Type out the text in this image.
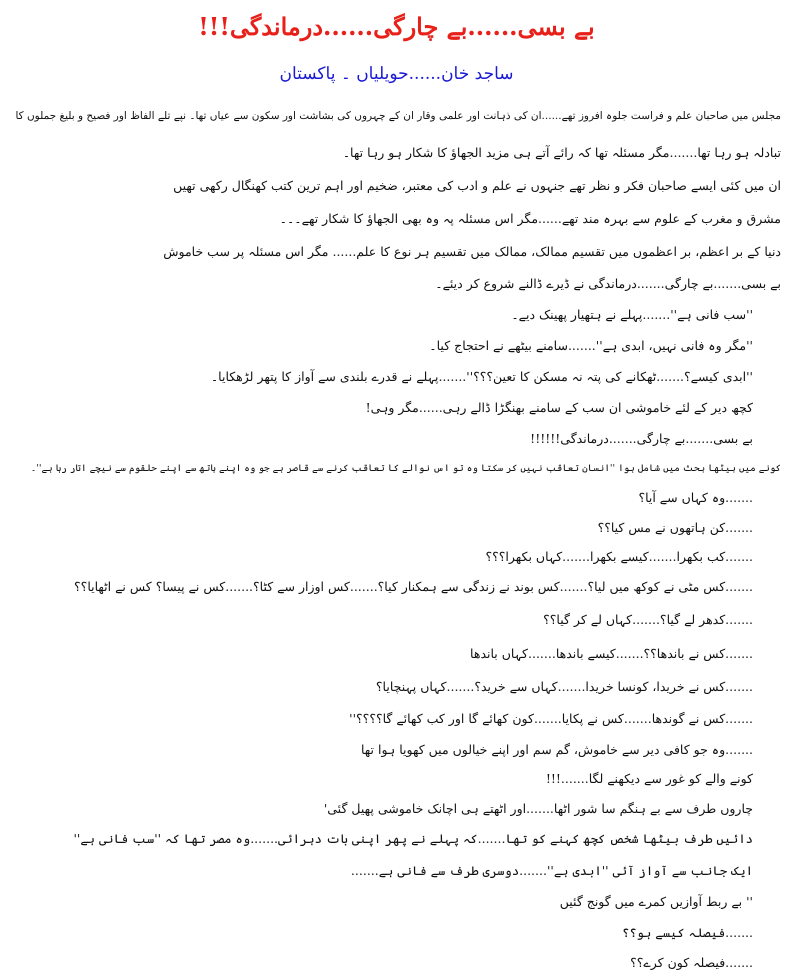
بے بسی......بے چارگی......درماندگی!!!
ساجد خان......حویلیاں ۔ پاکستان
مجلس میں صاحبان علم و فراست جلوہ افروز تھے......ان کی ذہانت اور علمی وقار ان کے چہروں کی بشاشت اور سکون سے عیاں تھا۔ نپے تلے الفاظ اور فصیح و بلیغ جملوں کا
تبادلہ ہو رہا تھا.......مگر مسئلہ تھا کہ رائے آتے ہی مزید الجھاؤ کا شکار ہو رہا تھا۔
ان میں کئی ایسے صاحبان فکر و نظر تھے جنہوں نے علم و ادب کی معتبر، ضخیم اور اہم ترین کتب کھنگال رکھی تھیں
مشرق و مغرب کے علوم سے بہرہ مند تھے......مگر اس مسئلہ پہ وہ بھی الجھاؤ کا شکار تھے۔۔۔
دنیا کے بر اعظم، بر اعظموں میں تقسیم ممالک، ممالک میں تقسیم ہر نوع کا علم...... مگر اس مسئلہ پر سب خاموش
بے بسی.......بے چارگی.......درماندگی نے ڈیرے ڈالنے شروع کر دیئے۔
''سب فانی ہے''.......پہلے نے ہتھیار پھینک دیے۔
''مگر وہ فانی نہیں، ابدی ہے''.......سامنے بیٹھے نے احتجاج کیا۔
''ابدی کیسے؟.......ٹھکانے کی پتہ نہ مسکن کا تعین؟؟؟''.......پہلے نے قدرے بلندی سے آواز کا پتھر لڑھکایا۔
کچھ دیر کے لئے خاموشی ان سب کے سامنے بھنگڑا ڈالے رہی......مگر وہی!
بے بسی.......بے چارگی.......درماندگی!!!!!!
کونے میں بیٹھا بحث میں شامل ہوا ''انسان تعاقب نہیں کر سکتا وہ تو اس نوالے کا تعاقب کرنے سے قاصر ہے جو وہ اپنے ہاتھ سے اپنے حلقوم سے نیچے اتار رہا ہے''۔
.......وہ کہاں سے آیا؟
.......کن ہاتھوں نے مس کیا؟؟
.......کب بکھرا.......کیسے بکھرا.......کہاں بکھرا؟؟؟
.......کس مٹی نے کوکھ میں لیا؟.......کس بوند نے زندگی سے ہمکنار کیا؟.......کس اوزار سے کٹا؟.......کس نے پیسا؟ کس نے اٹھایا؟؟
.......کدھر لے گیا؟.......کہاں لے کر گیا؟؟
.......کس نے باندھا؟؟.......کیسے باندھا.......کہاں باندھا
.......کس نے خریدا، کونسا خریدا.......کہاں سے خرید؟.......کہاں پہنچایا؟
.......کس نے گوندھا.......کس نے پکایا.......کون کھائے گا اور کب کھائے گا؟؟؟؟''
.......وہ جو کافی دیر سے خاموش، گم سم اور اپنے خیالوں میں کھویا ہوا تھا
کونے والے کو غور سے دیکھنے لگا.......!!!
چاروں طرف سے بے ہنگم سا شور اٹھا.......اور اٹھتے ہی اچانک خاموشی پھیل گئی'
دائیں طرف بیٹھا شخص کچھ کہنے کو تھا.......کہ پہلے نے پھر اپنی بات دہرائی.......وہ مصر تھا کہ ''سب فانی ہے''
ایک جانب سے آواز آئی ''ابدی ہے''.......دوسری طرف سے فانی ہے.......
'' بے ربط آوازیں کمرے میں گونج گئیں
.......فیصلہ کیسے ہو؟؟
.......فیصلہ کون کرے؟؟
